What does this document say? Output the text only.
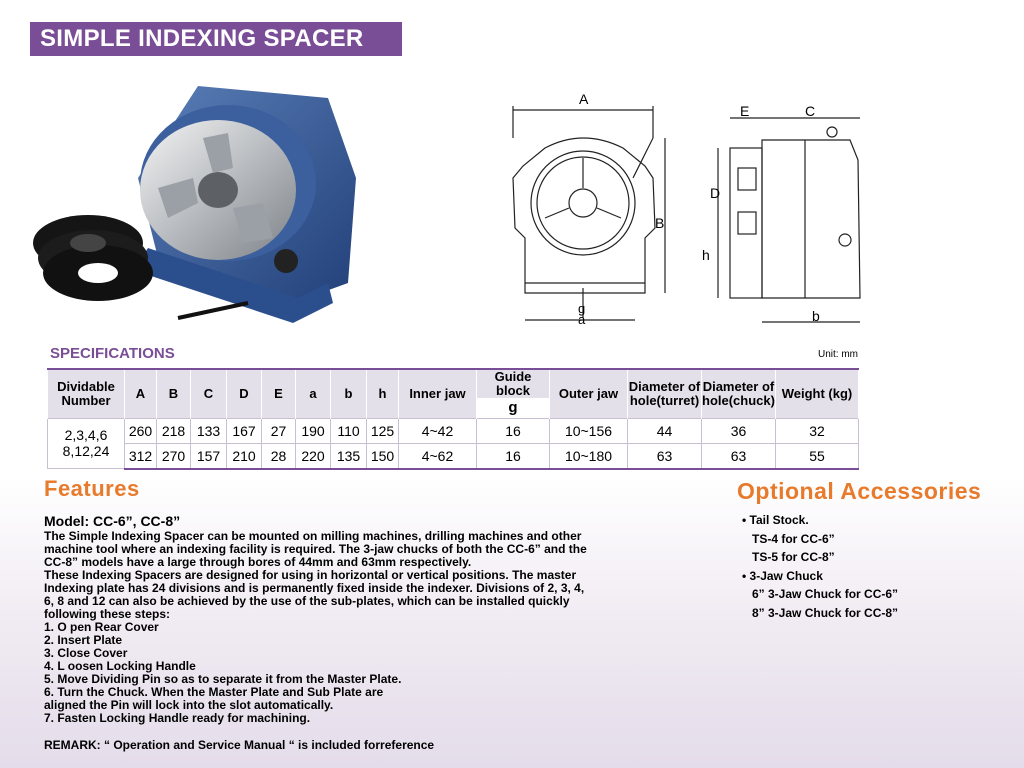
SIMPLE INDEXING SPACER
A
B
g
a
E	C
D
h
b
SPECIFICATIONS	Unit: mm
Dividable Number	A	B	C	D	E	a	b	h	Inner jaw	Guide block	Outer jaw	Diameter of hole(turret)	Diameter of hole(chuck)	Weight (kg)
										g				

2,3,4,6
8,12,24	260	218	133	167	27	190	110	125	4~42	16	10~156	44	36	32
	312	270	157	210	28	220	135	150	4~62	16	10~180	63	63	55
Features	Optional Accessories
Model: CC-6”, CC-8”
The Simple Indexing Spacer can be mounted on milling machines, drilling machines and other
machine tool where an indexing facility is required. The 3-jaw chucks of both the CC-6” and the
CC-8” models have a large through bores of 44mm and 63mm respectively.
These Indexing Spacers are designed for using in horizontal or vertical positions. The master
Indexing plate has 24 divisions and is permanently fixed inside the indexer. Divisions of 2, 3, 4,
6, 8 and 12 can also be achieved by the use of the sub-plates, which can be installed quickly
following these steps:
1. O pen Rear Cover
2. Insert Plate
3. Close Cover
4. L oosen Locking Handle
5. Move Dividing Pin so as to separate it from the Master Plate.
6. Turn the Chuck. When the Master Plate and Sub Plate are
aligned the Pin will lock into the slot automatically.
7. Fasten Locking Handle ready for machining.
REMARK: “ Operation and Service Manual “ is included forreference
• Tail Stock.
TS-4 for CC-6”
TS-5 for CC-8”
• 3-Jaw Chuck
6” 3-Jaw Chuck for CC-6”
8” 3-Jaw Chuck for CC-8”
